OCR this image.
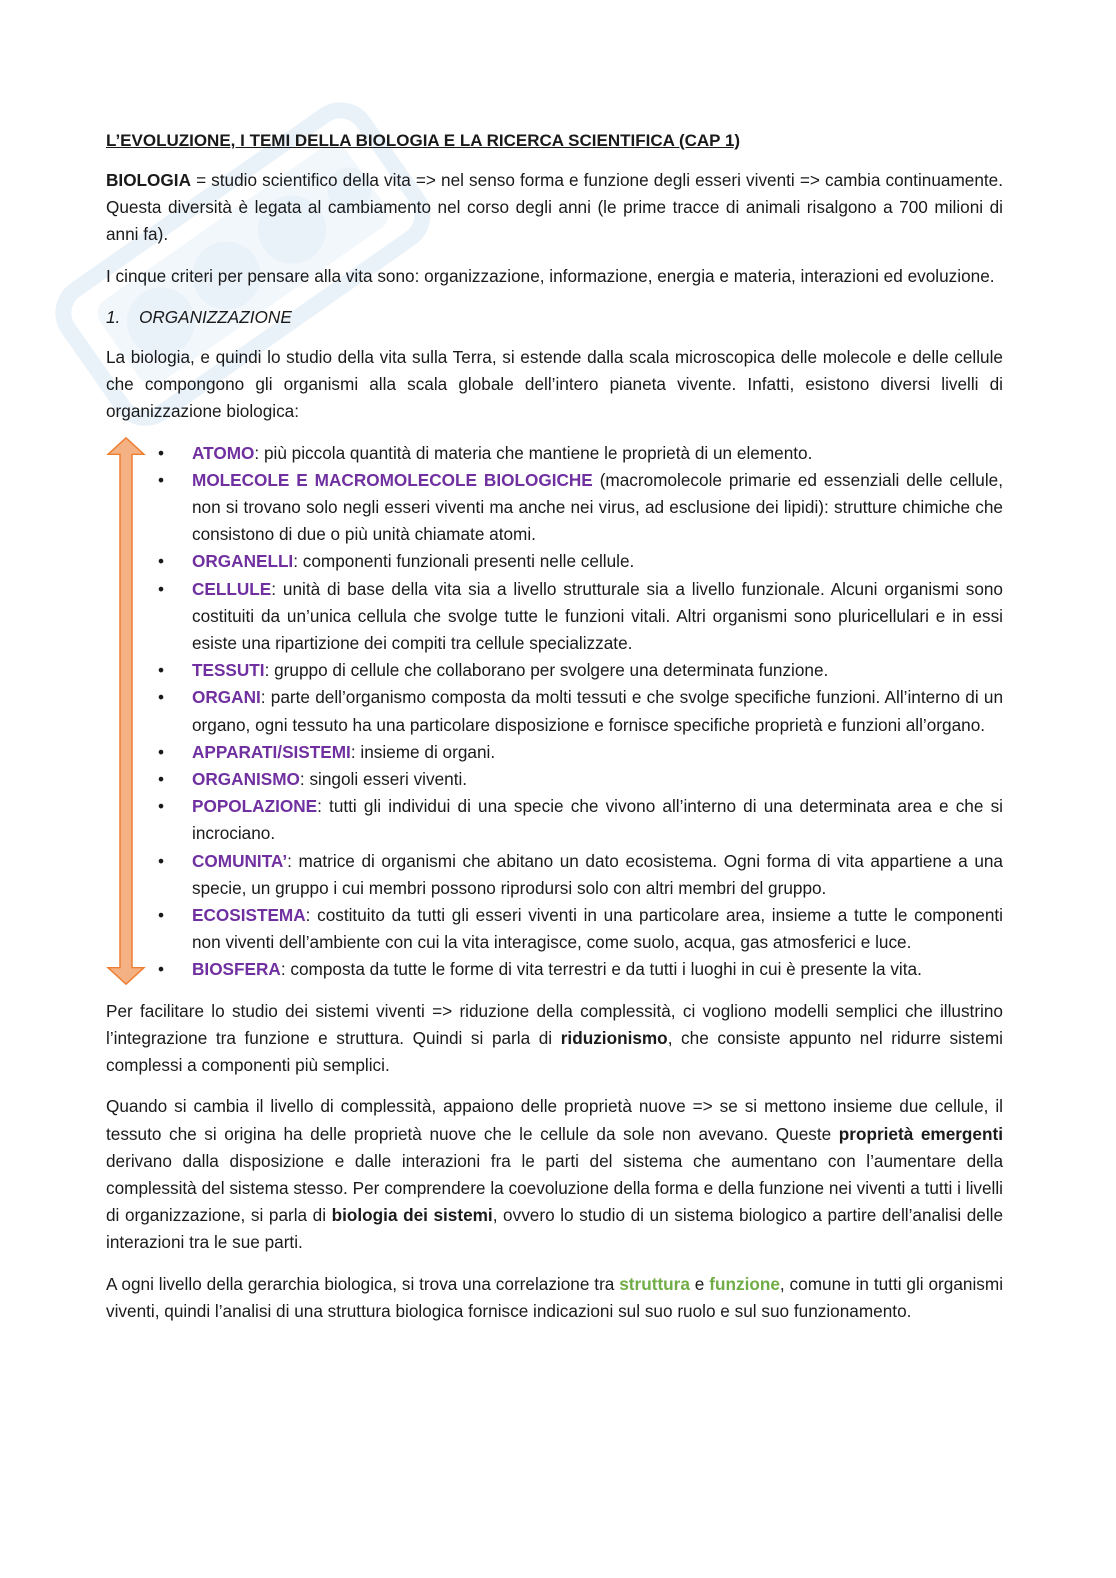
L’EVOLUZIONE, I TEMI DELLA BIOLOGIA E LA RICERCA SCIENTIFICA (CAP 1)

BIOLOGIA = studio scientifico della vita => nel senso forma e funzione degli esseri viventi => cambia continuamente. Questa diversità è legata al cambiamento nel corso degli anni (le prime tracce di animali risalgono a 700 milioni di anni fa).

I cinque criteri per pensare alla vita sono: organizzazione, informazione, energia e materia, interazioni ed evoluzione.

1. ORGANIZZAZIONE

La biologia, e quindi lo studio della vita sulla Terra, si estende dalla scala microscopica delle molecole e delle cellule che compongono gli organismi alla scala globale dell’intero pianeta vivente. Infatti, esistono diversi livelli di organizzazione biologica:

• ATOMO: più piccola quantità di materia che mantiene le proprietà di un elemento.
• MOLECOLE E MACROMOLECOLE BIOLOGICHE (macromolecole primarie ed essenziali delle cellule, non si trovano solo negli esseri viventi ma anche nei virus, ad esclusione dei lipidi): strutture chimiche che consistono di due o più unità chiamate atomi.
• ORGANELLI: componenti funzionali presenti nelle cellule.
• CELLULE: unità di base della vita sia a livello strutturale sia a livello funzionale. Alcuni organismi sono costituiti da un’unica cellula che svolge tutte le funzioni vitali. Altri organismi sono pluricellulari e in essi esiste una ripartizione dei compiti tra cellule specializzate.
• TESSUTI: gruppo di cellule che collaborano per svolgere una determinata funzione.
• ORGANI: parte dell’organismo composta da molti tessuti e che svolge specifiche funzioni. All’interno di un organo, ogni tessuto ha una particolare disposizione e fornisce specifiche proprietà e funzioni all’organo.
• APPARATI/SISTEMI: insieme di organi.
• ORGANISMO: singoli esseri viventi.
• POPOLAZIONE: tutti gli individui di una specie che vivono all’interno di una determinata area e che si incrociano.
• COMUNITA’: matrice di organismi che abitano un dato ecosistema. Ogni forma di vita appartiene a una specie, un gruppo i cui membri possono riprodursi solo con altri membri del gruppo.
• ECOSISTEMA: costituito da tutti gli esseri viventi in una particolare area, insieme a tutte le componenti non viventi dell’ambiente con cui la vita interagisce, come suolo, acqua, gas atmosferici e luce.
• BIOSFERA: composta da tutte le forme di vita terrestri e da tutti i luoghi in cui è presente la vita.

Per facilitare lo studio dei sistemi viventi => riduzione della complessità, ci vogliono modelli semplici che illustrino l’integrazione tra funzione e struttura. Quindi si parla di riduzionismo, che consiste appunto nel ridurre sistemi complessi a componenti più semplici.

Quando si cambia il livello di complessità, appaiono delle proprietà nuove => se si mettono insieme due cellule, il tessuto che si origina ha delle proprietà nuove che le cellule da sole non avevano. Queste proprietà emergenti derivano dalla disposizione e dalle interazioni fra le parti del sistema che aumentano con l’aumentare della complessità del sistema stesso. Per comprendere la coevoluzione della forma e della funzione nei viventi a tutti i livelli di organizzazione, si parla di biologia dei sistemi, ovvero lo studio di un sistema biologico a partire dell’analisi delle interazioni tra le sue parti.

A ogni livello della gerarchia biologica, si trova una correlazione tra struttura e funzione, comune in tutti gli organismi viventi, quindi l’analisi di una struttura biologica fornisce indicazioni sul suo ruolo e sul suo funzionamento.
